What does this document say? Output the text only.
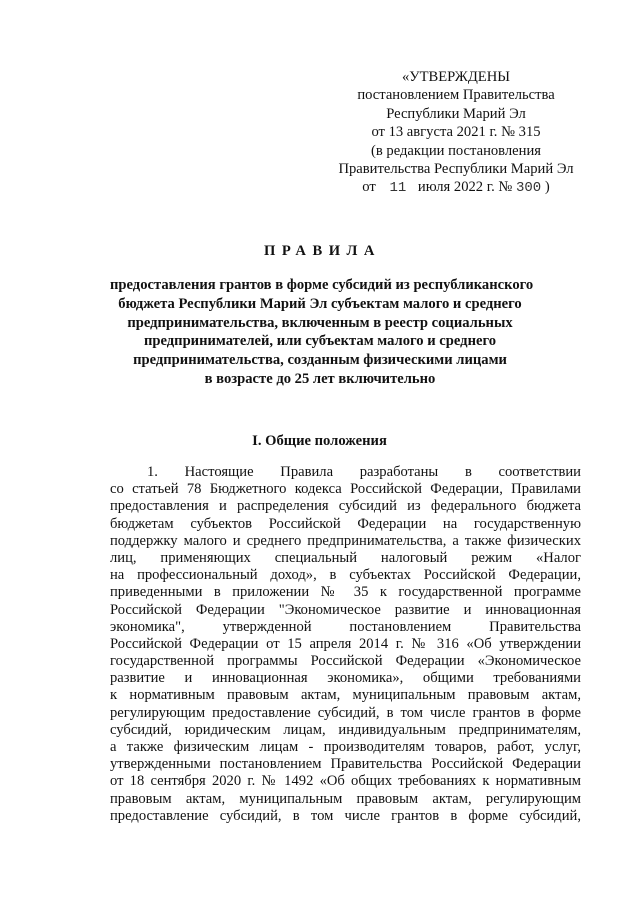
«УТВЕРЖДЕНЫ
постановлением Правительства
Республики Марий Эл
от 13 августа 2021 г. № 315
(в редакции постановления
Правительства Республики Марий Эл
от 11 июля 2022 г. № 300 )
ПРАВИЛА
предоставления грантов в форме субсидий из республиканского
бюджета Республики Марий Эл субъектам малого и среднего
предпринимательства, включенным в реестр социальных
предпринимателей, или субъектам малого и среднего
предпринимательства, созданным физическими лицами
в возрасте до 25 лет включительно
I. Общие положения
1. Настоящие Правила разработаны в соответствии
со статьей 78 Бюджетного кодекса Российской Федерации, Правилами
предоставления и распределения субсидий из федерального бюджета
бюджетам субъектов Российской Федерации на государственную
поддержку малого и среднего предпринимательства, а также физических
лиц, применяющих специальный налоговый режим «Налог
на профессиональный доход», в субъектах Российской Федерации,
приведенными в приложении № 35 к государственной программе
Российской Федерации "Экономическое развитие и инновационная
экономика", утвержденной постановлением Правительства
Российской Федерации от 15 апреля 2014 г. № 316 «Об утверждении
государственной программы Российской Федерации «Экономическое
развитие и инновационная экономика», общими требованиями
к нормативным правовым актам, муниципальным правовым актам,
регулирующим предоставление субсидий, в том числе грантов в форме
субсидий, юридическим лицам, индивидуальным предпринимателям,
а также физическим лицам - производителям товаров, работ, услуг,
утвержденными постановлением Правительства Российской Федерации
от 18 сентября 2020 г. № 1492 «Об общих требованиях к нормативным
правовым актам, муниципальным правовым актам, регулирующим
предоставление субсидий, в том числе грантов в форме субсидий,
